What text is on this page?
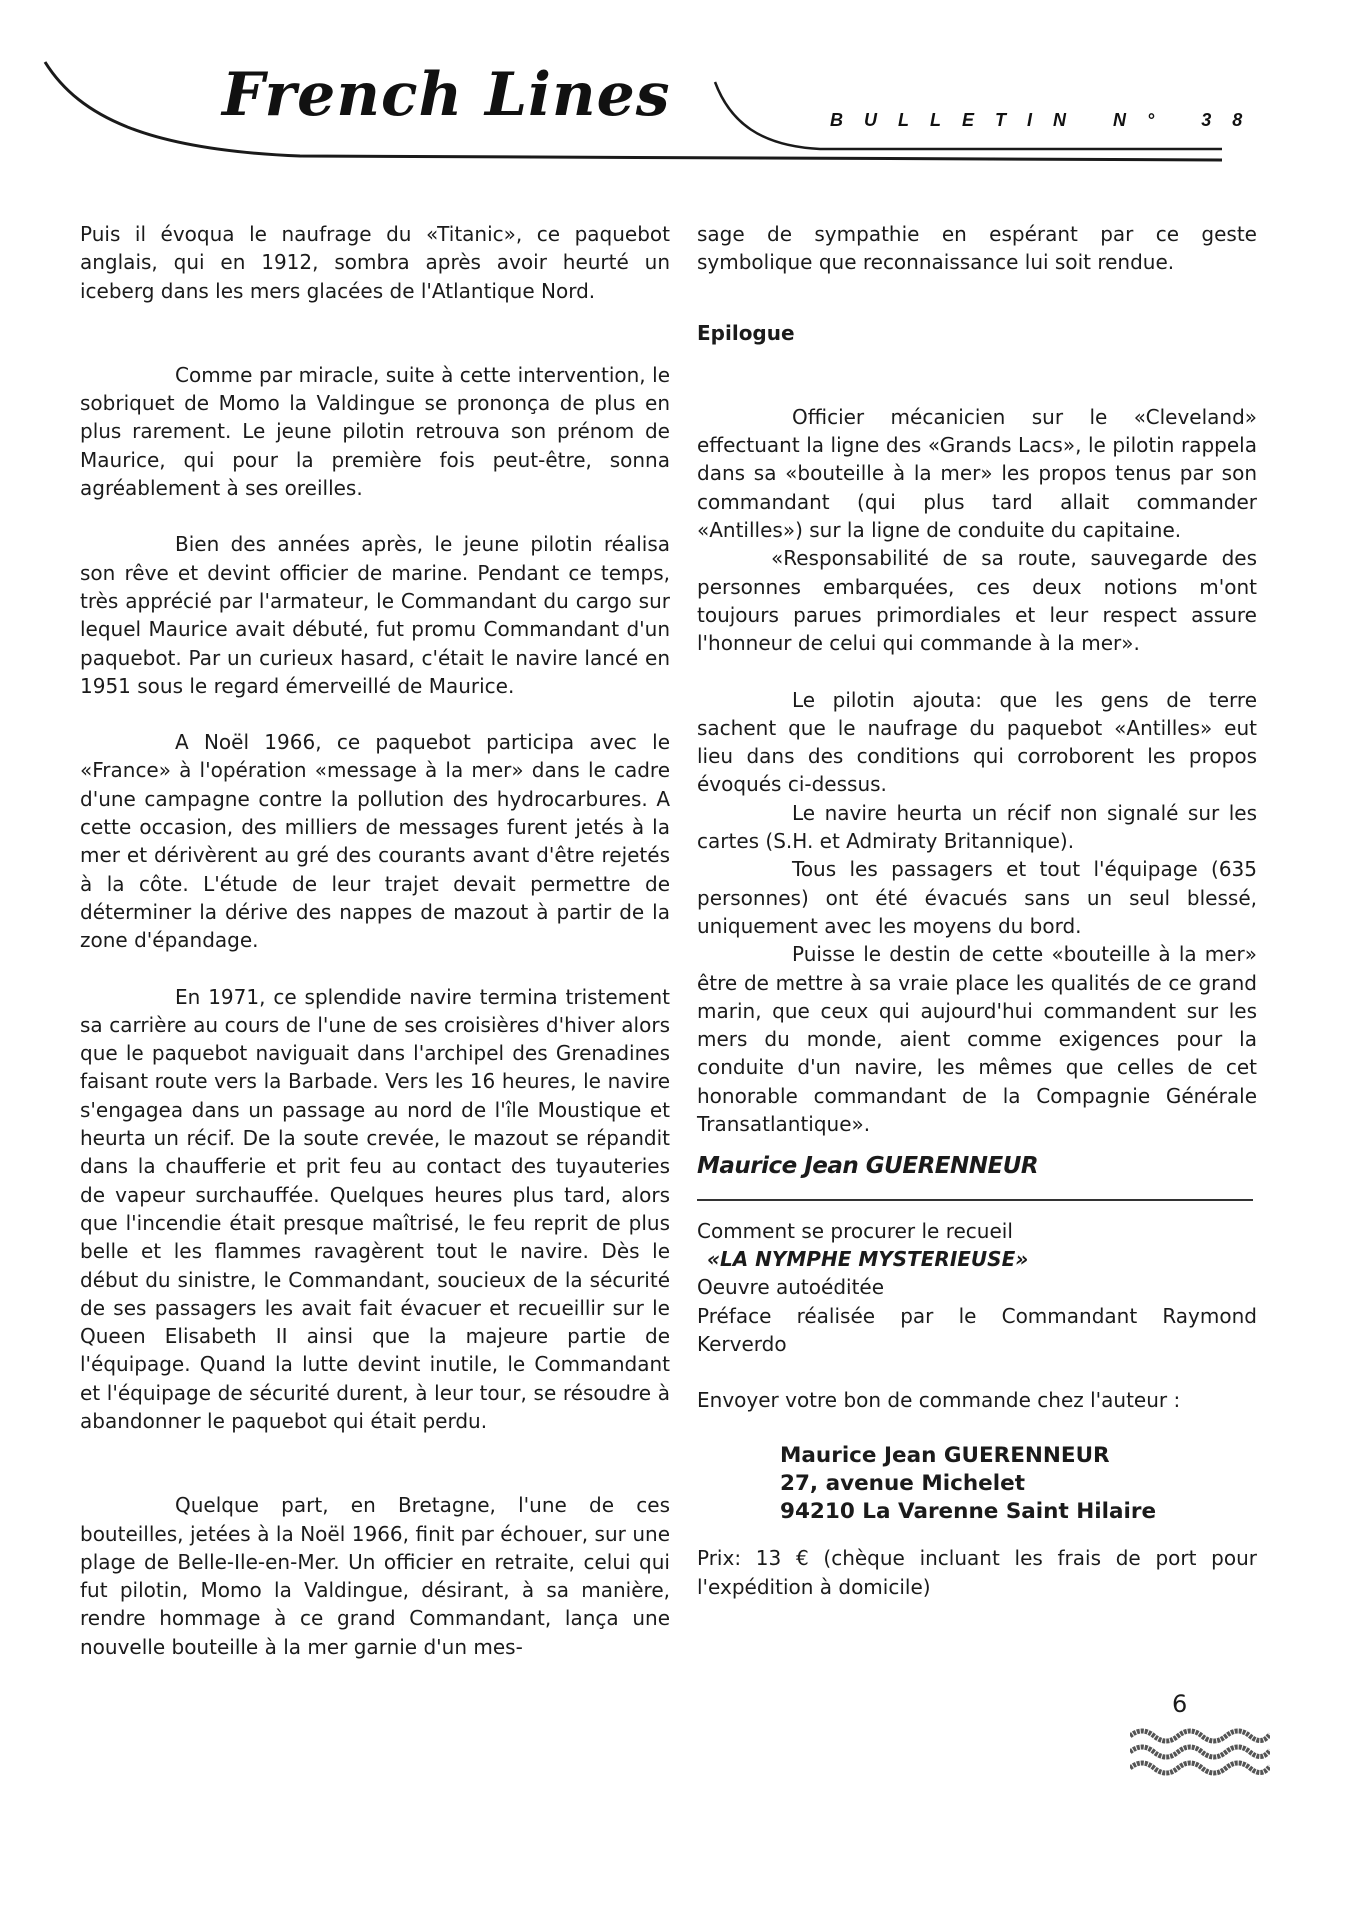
French Lines	BULLETIN N° 38

Puis il évoqua le naufrage du «Titanic», ce paquebot anglais, qui en 1912, sombra après avoir heurté un iceberg dans les mers glacées de l'Atlantique Nord.

Comme par miracle, suite à cette intervention, le sobriquet de Momo la Valdingue se prononça de plus en plus rarement. Le jeune pilotin retrouva son prénom de Maurice, qui pour la première fois peut-être, sonna agréablement à ses oreilles.

Bien des années après, le jeune pilotin réalisa son rêve et devint officier de marine. Pendant ce temps, très apprécié par l'armateur, le Commandant du cargo sur lequel Maurice avait débuté, fut promu Commandant d'un paquebot. Par un curieux hasard, c'était le navire lancé en 1951 sous le regard émerveillé de Maurice.

A Noël 1966, ce paquebot participa avec le «France» à l'opération «message à la mer» dans le cadre d'une campagne contre la pollution des hydrocarbures. A cette occasion, des milliers de messages furent jetés à la mer et dérivèrent au gré des courants avant d'être rejetés à la côte. L'étude de leur trajet devait permettre de déterminer la dérive des nappes de mazout à partir de la zone d'épandage.

En 1971, ce splendide navire termina tristement sa carrière au cours de l'une de ses croisières d'hiver alors que le paquebot naviguait dans l'archipel des Grenadines faisant route vers la Barbade. Vers les 16 heures, le navire s'engagea dans un passage au nord de l'île Moustique et heurta un récif. De la soute crevée, le mazout se répandit dans la chaufferie et prit feu au contact des tuyauteries de vapeur surchauffée. Quelques heures plus tard, alors que l'incendie était presque maîtrisé, le feu reprit de plus belle et les flammes ravagèrent tout le navire. Dès le début du sinistre, le Commandant, soucieux de la sécurité de ses passagers les avait fait évacuer et recueillir sur le Queen Elisabeth II ainsi que la majeure partie de l'équipage. Quand la lutte devint inutile, le Commandant et l'équipage de sécurité durent, à leur tour, se résoudre à abandonner le paquebot qui était perdu.

Quelque part, en Bretagne, l'une de ces bouteilles, jetées à la Noël 1966, finit par échouer, sur une plage de Belle-Ile-en-Mer. Un officier en retraite, celui qui fut pilotin, Momo la Valdingue, désirant, à sa manière, rendre hommage à ce grand Commandant, lança une nouvelle bouteille à la mer garnie d'un mes-

sage de sympathie en espérant par ce geste symbolique que reconnaissance lui soit rendue.

Epilogue

Officier mécanicien sur le «Cleveland» effectuant la ligne des «Grands Lacs», le pilotin rappela dans sa «bouteille à la mer» les propos tenus par son commandant (qui plus tard allait commander «Antilles») sur la ligne de conduite du capitaine.

«Responsabilité de sa route, sauvegarde des personnes embarquées, ces deux notions m'ont toujours parues primordiales et leur respect assure l'honneur de celui qui commande à la mer».

Le pilotin ajouta: que les gens de terre sachent que le naufrage du paquebot «Antilles» eut lieu dans des conditions qui corroborent les propos évoqués ci-dessus.

Le navire heurta un récif non signalé sur les cartes (S.H. et Admiraty Britannique).

Tous les passagers et tout l'équipage (635 personnes) ont été évacués sans un seul blessé, uniquement avec les moyens du bord.

Puisse le destin de cette «bouteille à la mer» être de mettre à sa vraie place les qualités de ce grand marin, que ceux qui aujourd'hui commandent sur les mers du monde, aient comme exigences pour la conduite d'un navire, les mêmes que celles de cet honorable commandant de la Compagnie Générale Transatlantique».

Maurice Jean GUERENNEUR

Comment se procurer le recueil

«LA NYMPHE MYSTERIEUSE»

Oeuvre autoéditée

Préface réalisée par le Commandant Raymond Kerverdo

Envoyer votre bon de commande chez l'auteur :

Maurice Jean GUERENNEUR

27, avenue Michelet

94210 La Varenne Saint Hilaire

Prix: 13 € (chèque incluant les frais de port pour l'expédition à domicile)

6
